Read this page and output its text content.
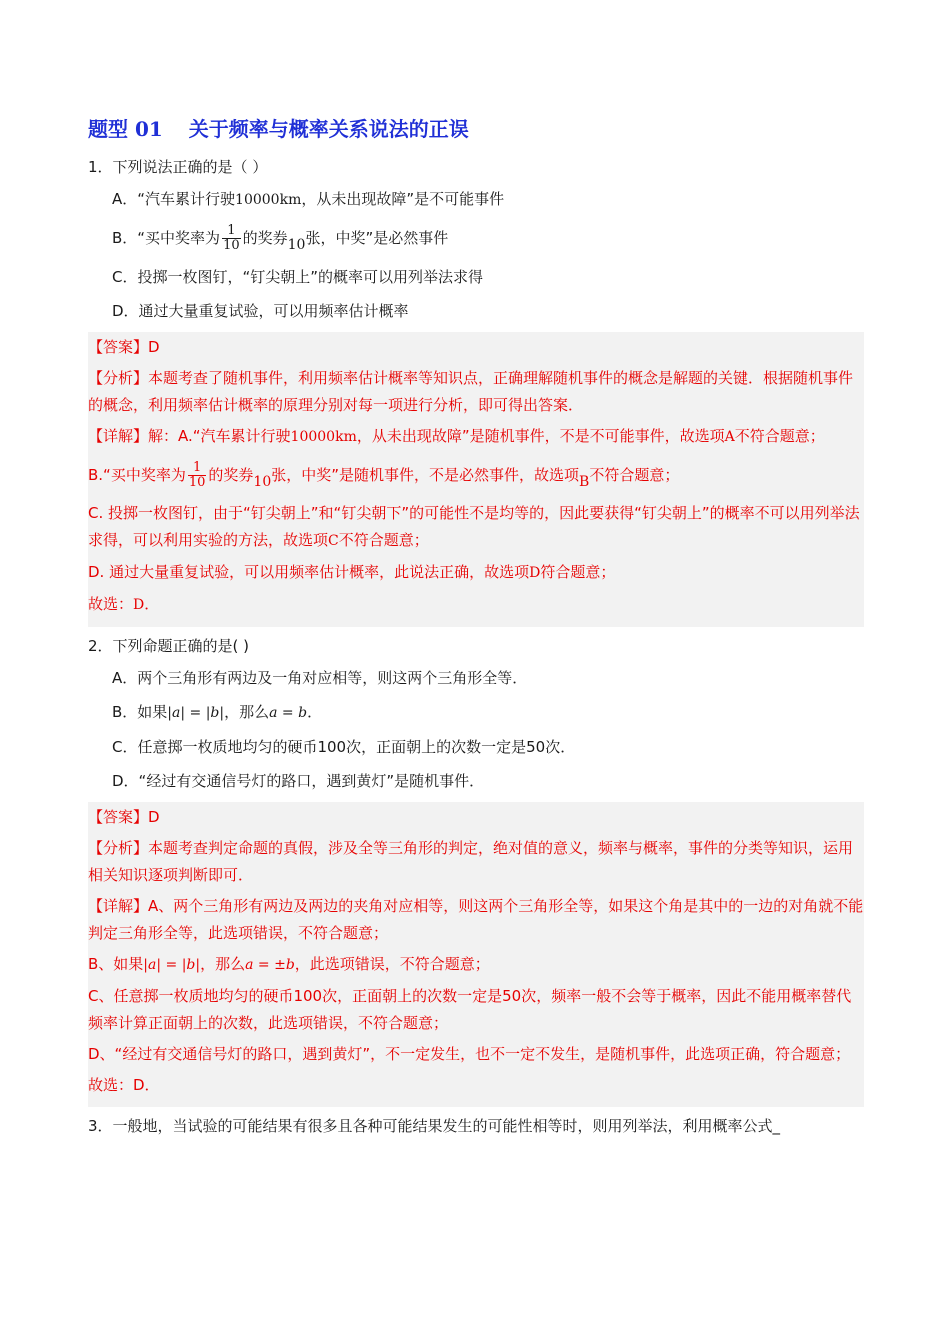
题型 01 关于频率与概率关系说法的正误
1．下列说法正确的是（ ）
A．“汽车累计行驶10000km，从未出现故障”是不可能事件
B．“买中奖率为 $\frac{1}{10}$ 的奖券10张，中奖”是必然事件
C．投掷一枚图钉，“钉尖朝上”的概率可以用列举法求得
D．通过大量重复试验，可以用频率估计概率

【答案】D

【分析】本题考查了随机事件，利用频率估计概率等知识点，正确理解随机事件的概念是解题的关键．根据随机事件的概念，利用频率估计概率的原理分别对每一项进行分析，即可得出答案．

【详解】解：A.“汽车累计行驶10000km，从未出现故障”是随机事件，不是不可能事件，故选项A不符合题意；

B.“买中奖率为 $\frac{1}{10}$ 的奖券10张，中奖”是随机事件，不是必然事件，故选项B不符合题意；

C. 投掷一枚图钉，由于“钉尖朝上”和“钉尖朝下”的可能性不是均等的，因此要获得“钉尖朝上”的概率不可以用列举法求得，可以利用实验的方法，故选项C不符合题意；

D. 通过大量重复试验，可以用频率估计概率，此说法正确，故选项D符合题意；

故选：D．

2．下列命题正确的是( )
A．两个三角形有两边及一角对应相等，则这两个三角形全等．
B．如果|a| = |b|，那么a = b．
C．任意掷一枚质地均匀的硬币100次，正面朝上的次数一定是50次．
D．“经过有交通信号灯的路口，遇到黄灯”是随机事件．

【答案】D

【分析】本题考查判定命题的真假，涉及全等三角形的判定，绝对值的意义，频率与概率，事件的分类等知识，运用相关知识逐项判断即可．

【详解】A、两个三角形有两边及两边的夹角对应相等，则这两个三角形全等，如果这个角是其中的一边的对角就不能判定三角形全等，此选项错误，不符合题意；

B、如果|a| = |b|，那么a = ±b，此选项错误，不符合题意；

C、任意掷一枚质地均匀的硬币100次，正面朝上的次数一定是50次，频率一般不会等于概率，因此不能用概率替代频率计算正面朝上的次数，此选项错误，不符合题意；

D、“经过有交通信号灯的路口，遇到黄灯”，不一定发生，也不一定不发生，是随机事件，此选项正确，符合题意；

故选：D．

3．一般地，当试验的可能结果有很多且各种可能结果发生的可能性相等时，则用列举法，利用概率公式_
